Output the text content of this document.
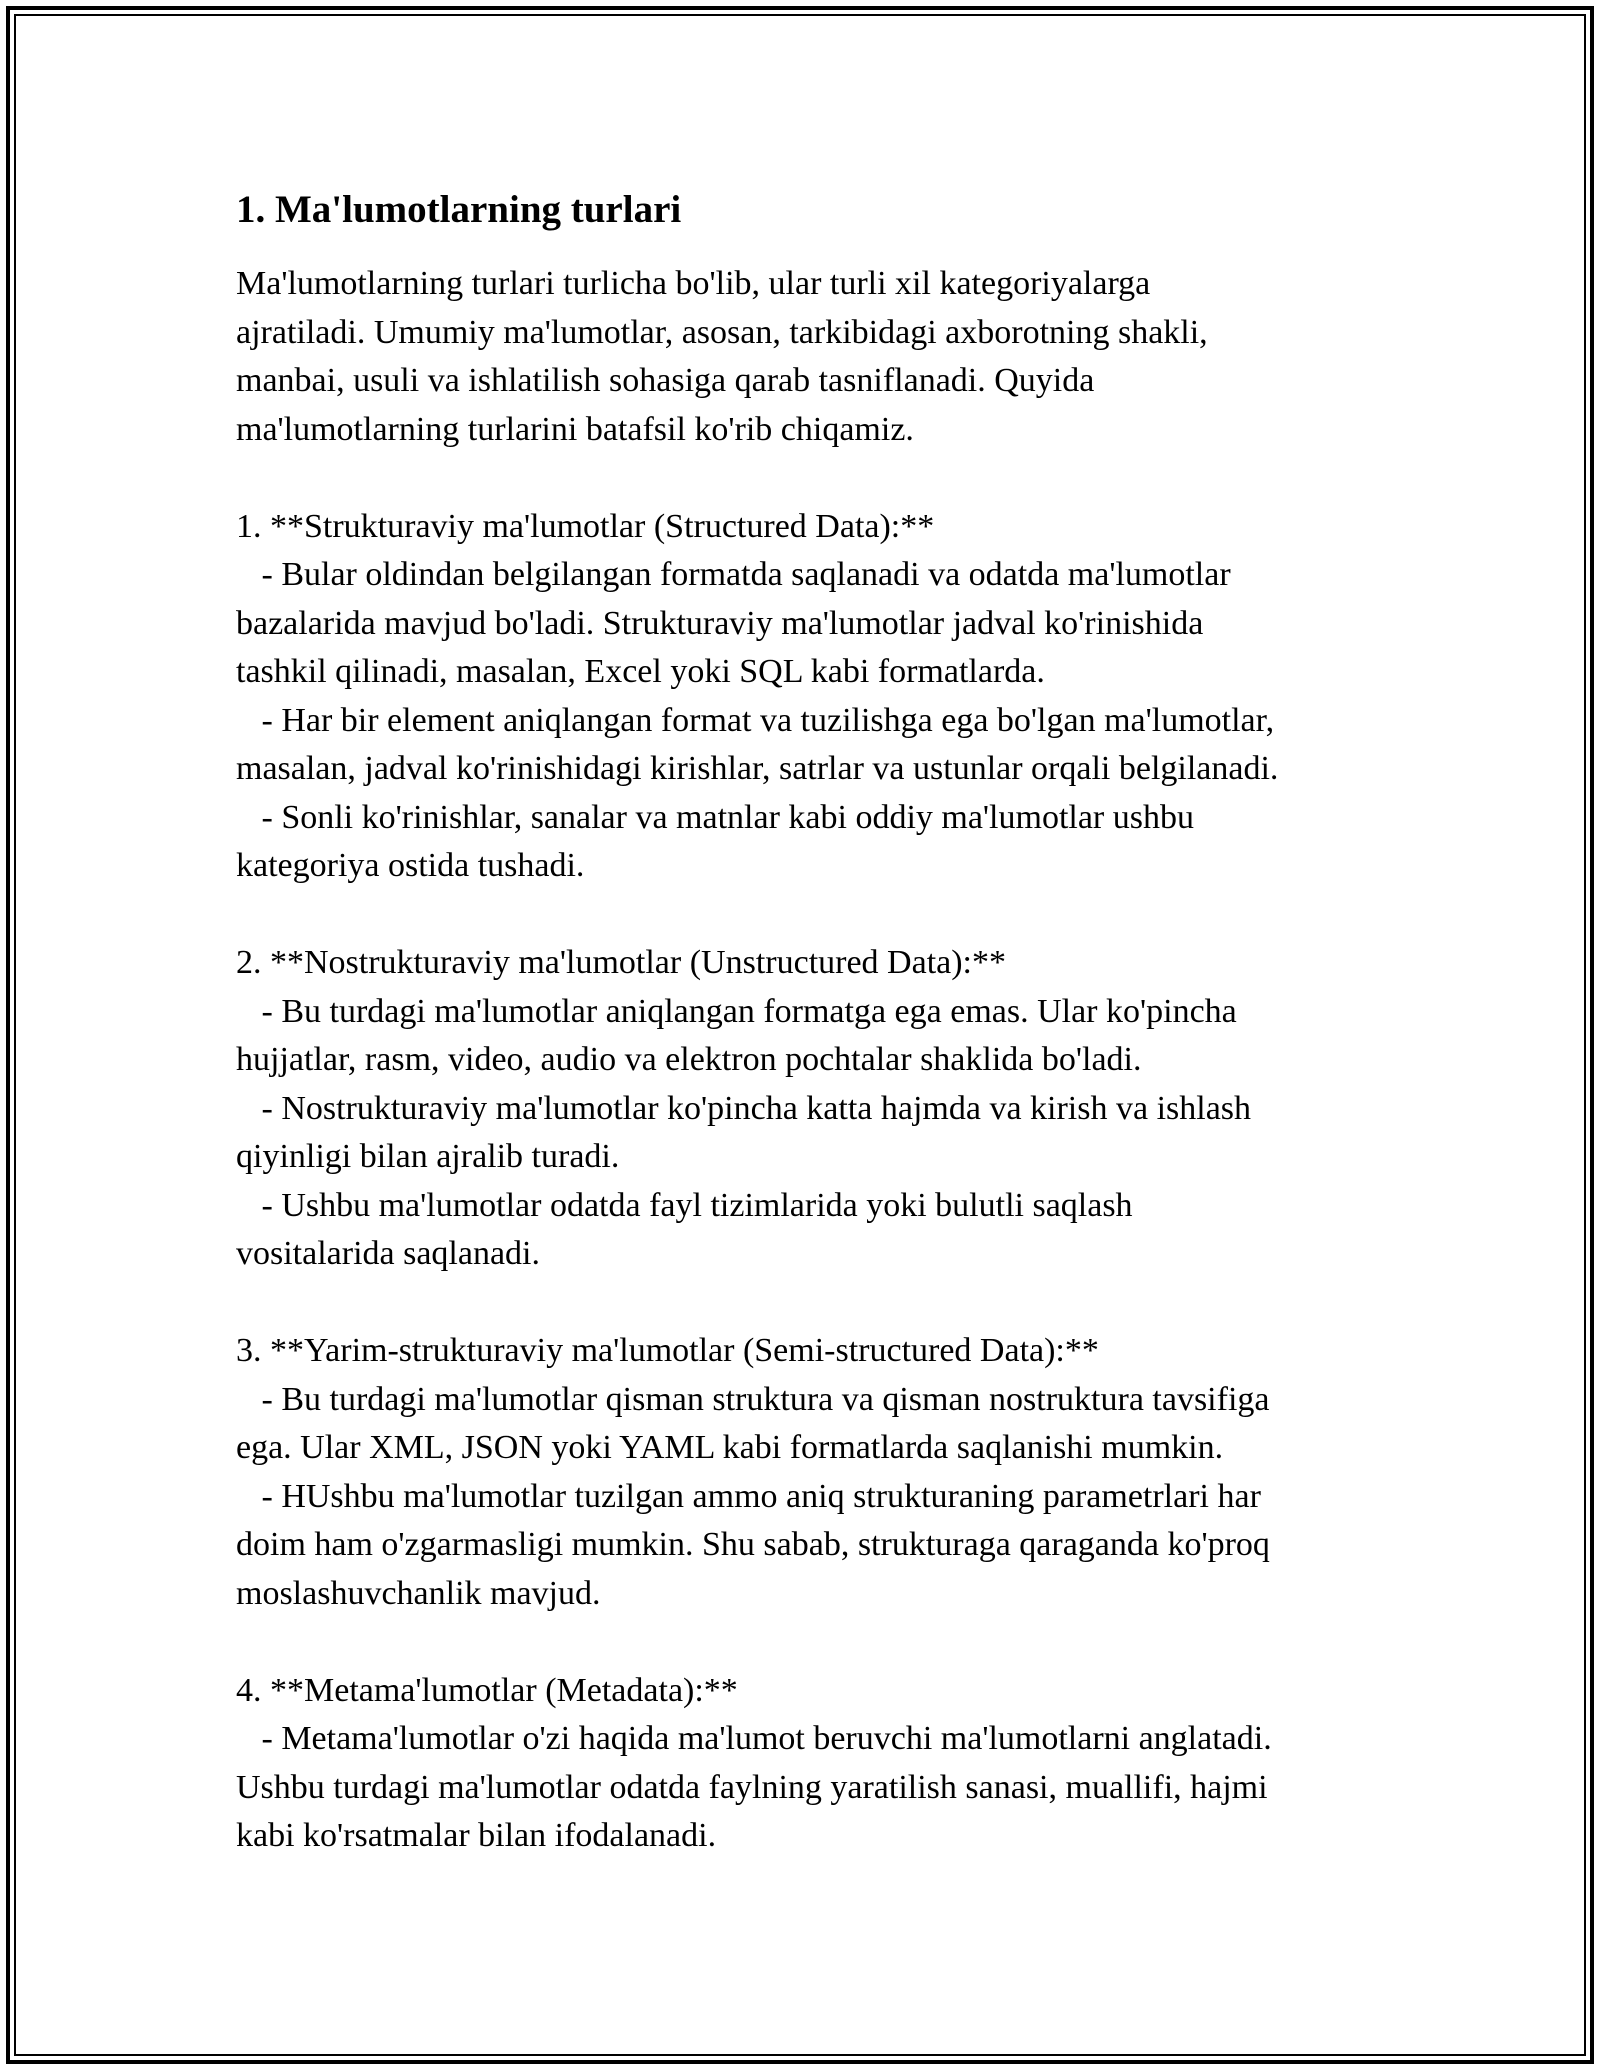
1. Ma'lumotlarning turlari
Ma'lumotlarning turlari turlicha bo'lib, ular turli xil kategoriyalarga
ajratiladi. Umumiy ma'lumotlar, asosan, tarkibidagi axborotning shakli,
manbai, usuli va ishlatilish sohasiga qarab tasniflanadi. Quyida
ma'lumotlarning turlarini batafsil ko'rib chiqamiz.
1. **Strukturaviy ma'lumotlar (Structured Data):**
- Bular oldindan belgilangan formatda saqlanadi va odatda ma'lumotlar
bazalarida mavjud bo'ladi. Strukturaviy ma'lumotlar jadval ko'rinishida
tashkil qilinadi, masalan, Excel yoki SQL kabi formatlarda.
- Har bir element aniqlangan format va tuzilishga ega bo'lgan ma'lumotlar,
masalan, jadval ko'rinishidagi kirishlar, satrlar va ustunlar orqali belgilanadi.
- Sonli ko'rinishlar, sanalar va matnlar kabi oddiy ma'lumotlar ushbu
kategoriya ostida tushadi.
2. **Nostrukturaviy ma'lumotlar (Unstructured Data):**
- Bu turdagi ma'lumotlar aniqlangan formatga ega emas. Ular ko'pincha
hujjatlar, rasm, video, audio va elektron pochtalar shaklida bo'ladi.
- Nostrukturaviy ma'lumotlar ko'pincha katta hajmda va kirish va ishlash
qiyinligi bilan ajralib turadi.
- Ushbu ma'lumotlar odatda fayl tizimlarida yoki bulutli saqlash
vositalarida saqlanadi.
3. **Yarim-strukturaviy ma'lumotlar (Semi-structured Data):**
- Bu turdagi ma'lumotlar qisman struktura va qisman nostruktura tavsifiga
ega. Ular XML, JSON yoki YAML kabi formatlarda saqlanishi mumkin.
- HUshbu ma'lumotlar tuzilgan ammo aniq strukturaning parametrlari har
doim ham o'zgarmasligi mumkin. Shu sabab, strukturaga qaraganda ko'proq
moslashuvchanlik mavjud.
4. **Metama'lumotlar (Metadata):**
- Metama'lumotlar o'zi haqida ma'lumot beruvchi ma'lumotlarni anglatadi.
Ushbu turdagi ma'lumotlar odatda faylning yaratilish sanasi, muallifi, hajmi
kabi ko'rsatmalar bilan ifodalanadi.
